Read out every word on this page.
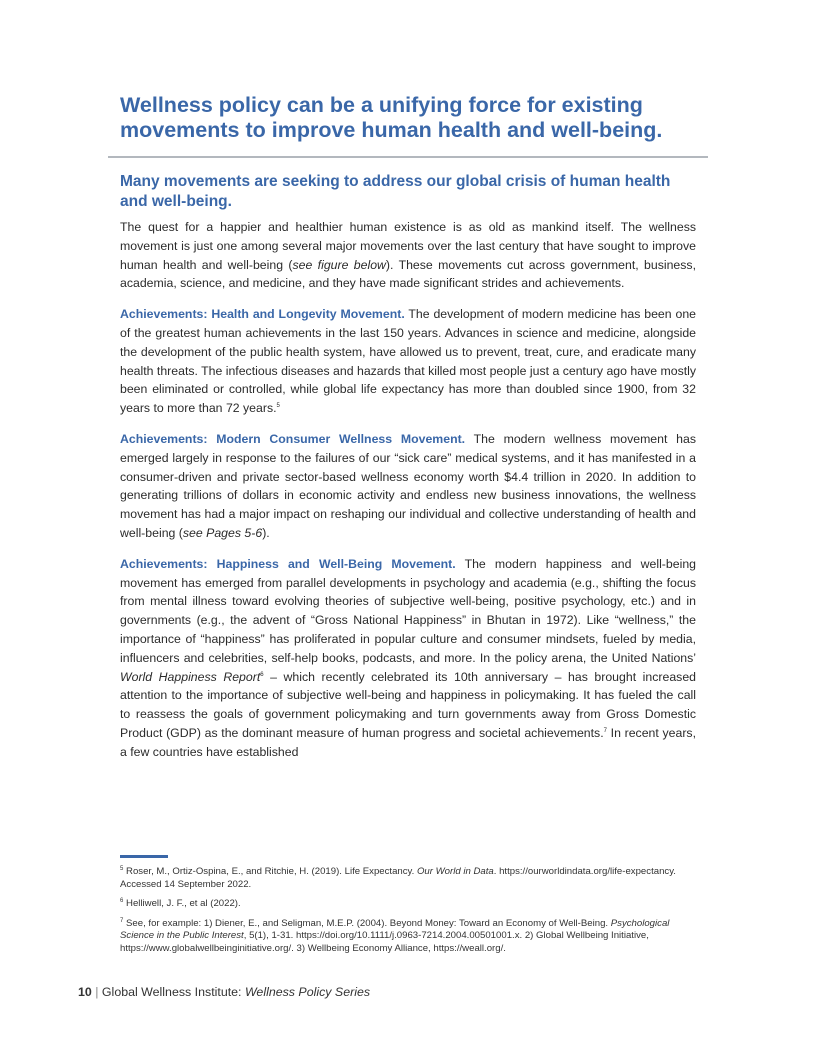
Wellness policy can be a unifying force for existing movements to improve human health and well-being.
Many movements are seeking to address our global crisis of human health and well-being.

The quest for a happier and healthier human existence is as old as mankind itself. The wellness movement is just one among several major movements over the last century that have sought to improve human health and well-being (see figure below). These movements cut across government, business, academia, science, and medicine, and they have made significant strides and achievements.

Achievements: Health and Longevity Movement. The development of modern medicine has been one of the greatest human achievements in the last 150 years. Advances in science and medicine, alongside the development of the public health system, have allowed us to prevent, treat, cure, and eradicate many health threats. The infectious diseases and hazards that killed most people just a century ago have mostly been eliminated or controlled, while global life expectancy has more than doubled since 1900, from 32 years to more than 72 years.$^5$

Achievements: Modern Consumer Wellness Movement. The modern wellness movement has emerged largely in response to the failures of our “sick care” medical systems, and it has manifested in a consumer-driven and private sector-based wellness economy worth $4.4 trillion in 2020. In addition to generating trillions of dollars in economic activity and endless new business innovations, the wellness movement has had a major impact on reshaping our individual and collective understanding of health and well-being (see Pages 5-6).

Achievements: Happiness and Well-Being Movement. The modern happiness and well-being movement has emerged from parallel developments in psychology and academia (e.g., shifting the focus from mental illness toward evolving theories of subjective well-being, positive psychology, etc.) and in governments (e.g., the advent of “Gross National Happiness” in Bhutan in 1972). Like “wellness,” the importance of “happiness” has proliferated in popular culture and consumer mindsets, fueled by media, influencers and celebrities, self-help books, podcasts, and more. In the policy arena, the United Nations’ World Happiness Report$^6$ – which recently celebrated its 10th anniversary – has brought increased attention to the importance of subjective well-being and happiness in policymaking. It has fueled the call to reassess the goals of government policymaking and turn governments away from Gross Domestic Product (GDP) as the dominant measure of human progress and societal achievements.$^7$ In recent years, a few countries have established

$^5$ Roser, M., Ortiz-Ospina, E., and Ritchie, H. (2019). Life Expectancy. Our World in Data. https://ourworldindata.org/life-expectancy. Accessed 14 September 2022.

$^6$ Helliwell, J. F., et al (2022).

$^7$ See, for example: 1) Diener, E., and Seligman, M.E.P. (2004). Beyond Money: Toward an Economy of Well-Being. Psychological Science in the Public Interest, 5(1), 1-31. https://doi.org/10.1111/j.0963-7214.2004.00501001.x. 2) Global Wellbeing Initiative, https://www.globalwellbeinginitiative.org/. 3) Wellbeing Economy Alliance, https://weall.org/.

10 | Global Wellness Institute: Wellness Policy Series
